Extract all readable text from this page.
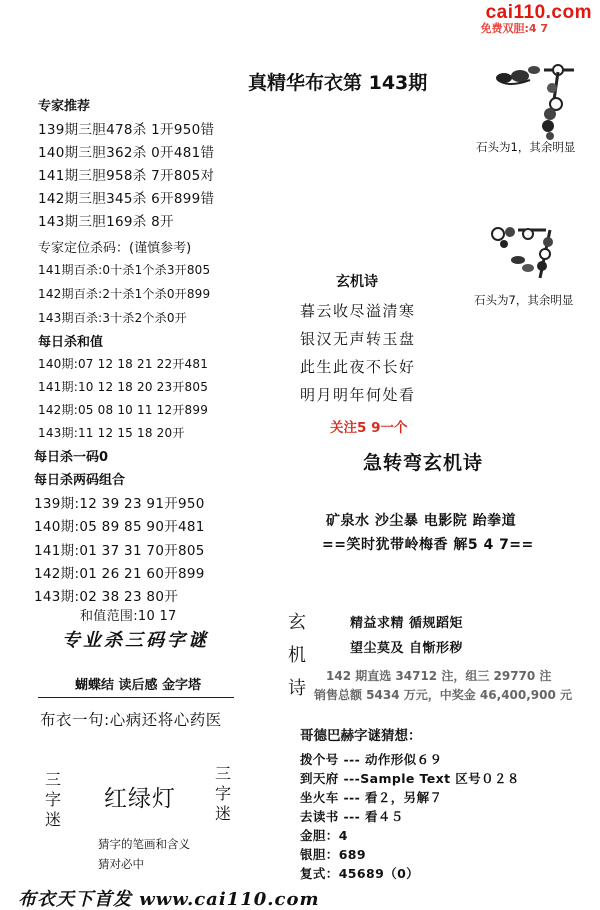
cai110.com
免费双胆:4 7
真精华布衣第 143期
专家推荐
139期三胆478杀 1开950错
140期三胆362杀 0开481错
141期三胆958杀 7开805对
142期三胆345杀 6开899错
143期三胆169杀 8开
专家定位杀码：(谨慎参考)
141期百杀:0十杀1个杀3开805
142期百杀:2十杀1个杀0开899
143期百杀:3十杀2个杀0开
每日杀和值
140期:07 12 18 21 22开481
141期:10 12 18 20 23开805
142期:05 08 10 11 12开899
143期:11 12 15 18 20开
每日杀一码0
每日杀两码组合
139期:12 39 23 91开950
140期:05 89 85 90开481
141期:01 37 31 70开805
142期:01 26 21 60开899
143期:02 38 23 80开
和值范围:10 17
石头为1，其余明显
石头为7，其余明显
玄机诗
暮云收尽溢清寒
银汉无声转玉盘
此生此夜不长好
明月明年何处看
关注5 9一个
急转弯玄机诗
矿泉水 沙尘暴 电影院 跆拳道
==笑时犹带岭梅香 解5 4 7==
玄
机
诗
精益求精 循规蹈矩
望尘莫及 自惭形秽
142 期直选 34712 注，组三 29770 注
销售总额 5434 万元，中奖金 46,400,900 元
哥德巴赫字谜猜想：
拨个号 --- 动作形似６９
到天府 ---Sample Text 区号０２８
坐火车 --- 看２，另解７
去读书 --- 看４５
金胆：4
银胆：689
复式：45689（0）
专业杀三码字谜
蝴蝶结 读后感 金字塔
布衣一句:心病还将心药医
三字迷
红绿灯
三字迷
猜字的笔画和含义
猜对必中
布衣天下首发 www.cai110.com
